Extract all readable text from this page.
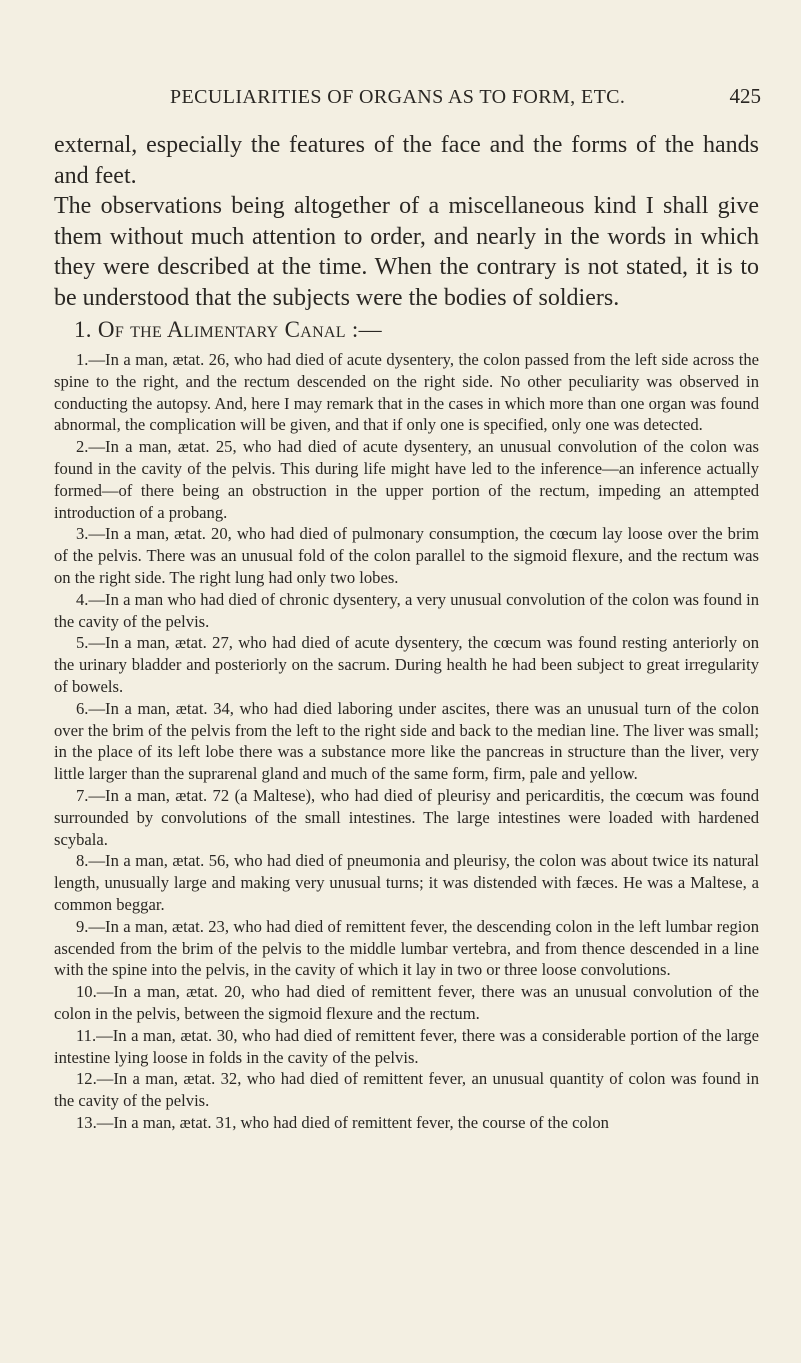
PECULIARITIES OF ORGANS AS TO FORM, ETC.	425

external, especially the features of the face and the forms of the hands and feet.

The observations being altogether of a miscellaneous kind I shall give them without much attention to order, and nearly in the words in which they were described at the time. When the contrary is not stated, it is to be understood that the subjects were the bodies of soldiers.

1. Of the Alimentary Canal :—

1.—In a man, ætat. 26, who had died of acute dysentery, the colon passed from the left side across the spine to the right, and the rectum descended on the right side. No other peculiarity was observed in conducting the autopsy. And, here I may remark that in the cases in which more than one organ was found abnormal, the complication will be given, and that if only one is specified, only one was detected.

2.—In a man, ætat. 25, who had died of acute dysentery, an unusual convolution of the colon was found in the cavity of the pelvis. This during life might have led to the inference—an inference actually formed—of there being an obstruction in the upper portion of the rectum, impeding an attempted introduction of a probang.

3.—In a man, ætat. 20, who had died of pulmonary consumption, the cœcum lay loose over the brim of the pelvis. There was an unusual fold of the colon parallel to the sigmoid flexure, and the rectum was on the right side. The right lung had only two lobes.

4.—In a man who had died of chronic dysentery, a very unusual convolution of the colon was found in the cavity of the pelvis.

5.—In a man, ætat. 27, who had died of acute dysentery, the cœcum was found resting anteriorly on the urinary bladder and posteriorly on the sacrum. During health he had been subject to great irregularity of bowels.

6.—In a man, ætat. 34, who had died laboring under ascites, there was an unusual turn of the colon over the brim of the pelvis from the left to the right side and back to the median line. The liver was small; in the place of its left lobe there was a substance more like the pancreas in structure than the liver, very little larger than the suprarenal gland and much of the same form, firm, pale and yellow.

7.—In a man, ætat. 72 (a Maltese), who had died of pleurisy and pericarditis, the cœcum was found surrounded by convolutions of the small intestines. The large intestines were loaded with hardened scybala.

8.—In a man, ætat. 56, who had died of pneumonia and pleurisy, the colon was about twice its natural length, unusually large and making very unusual turns; it was distended with fæces. He was a Maltese, a common beggar.

9.—In a man, ætat. 23, who had died of remittent fever, the descending colon in the left lumbar region ascended from the brim of the pelvis to the middle lumbar vertebra, and from thence descended in a line with the spine into the pelvis, in the cavity of which it lay in two or three loose convolutions.

10.—In a man, ætat. 20, who had died of remittent fever, there was an unusual convolution of the colon in the pelvis, between the sigmoid flexure and the rectum.

11.—In a man, ætat. 30, who had died of remittent fever, there was a considerable portion of the large intestine lying loose in folds in the cavity of the pelvis.

12.—In a man, ætat. 32, who had died of remittent fever, an unusual quantity of colon was found in the cavity of the pelvis.

13.—In a man, ætat. 31, who had died of remittent fever, the course of the colon
